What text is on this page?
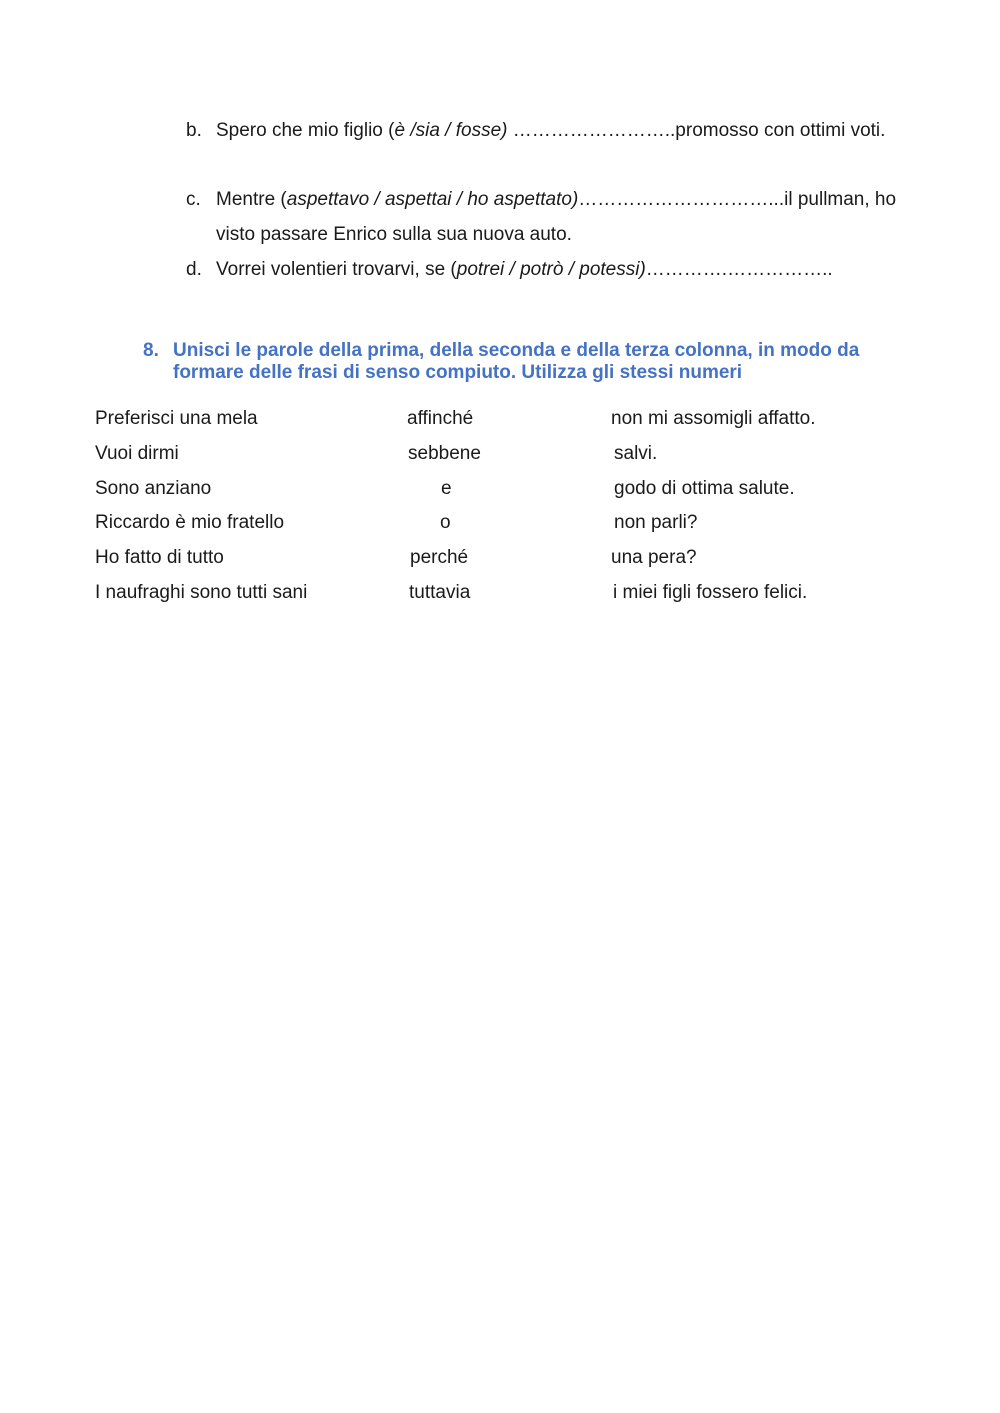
b. Spero che mio figlio (è /sia / fosse) ……………………..promosso con ottimi voti.
c. Mentre (aspettavo / aspettai / ho aspettato)…………………………...il pullman, ho visto passare Enrico sulla sua nuova auto.
d. Vorrei volentieri trovarvi, se (potrei / potrò / potessi)………….……………..
8. Unisci le parole della prima, della seconda e della terza colonna, in modo da formare delle frasi di senso compiuto. Utilizza gli stessi numeri
Preferisci una mela	affinché	non mi assomigli affatto.
Vuoi dirmi	sebbene	salvi.
Sono anziano	e	godo di ottima salute.
Riccardo è mio fratello	o	non parli?
Ho fatto di tutto	perché	una pera?
I naufraghi sono tutti sani	tuttavia	i miei figli fossero felici.
